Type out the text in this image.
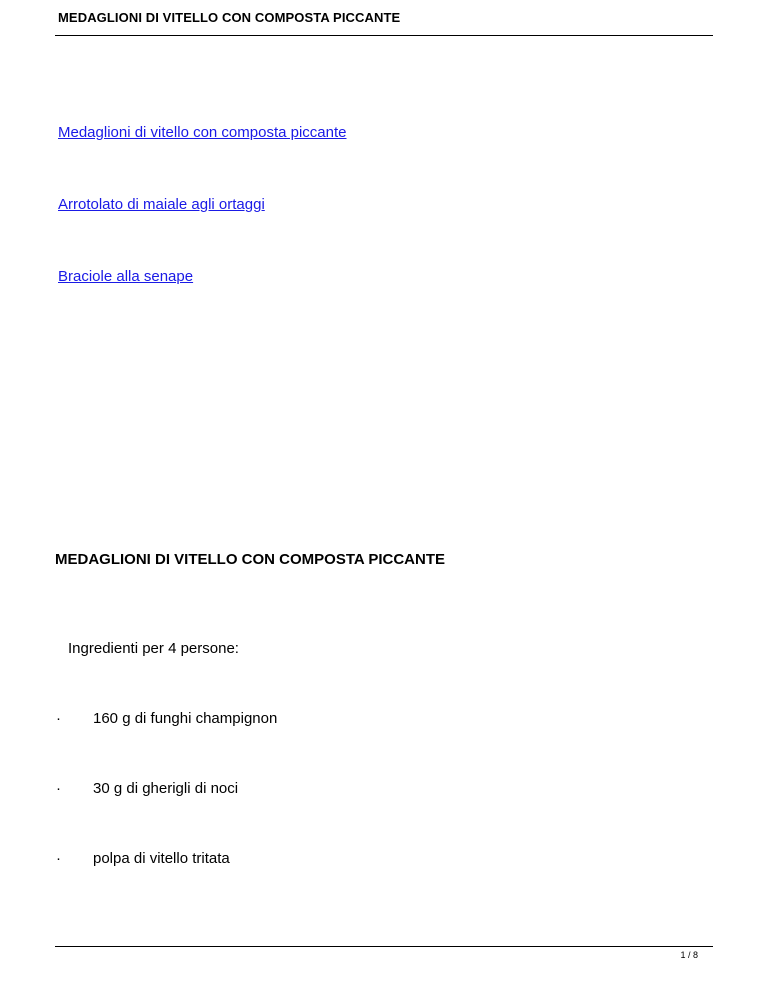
MEDAGLIONI DI VITELLO CON COMPOSTA PICCANTE
Medaglioni di vitello con composta piccante
Arrotolato di maiale agli ortaggi
Braciole alla senape
MEDAGLIONI DI VITELLO CON COMPOSTA PICCANTE
Ingredienti per 4 persone:
· 160 g di funghi champignon
· 30 g di gherigli di noci
· polpa di vitello tritata
1 / 8
